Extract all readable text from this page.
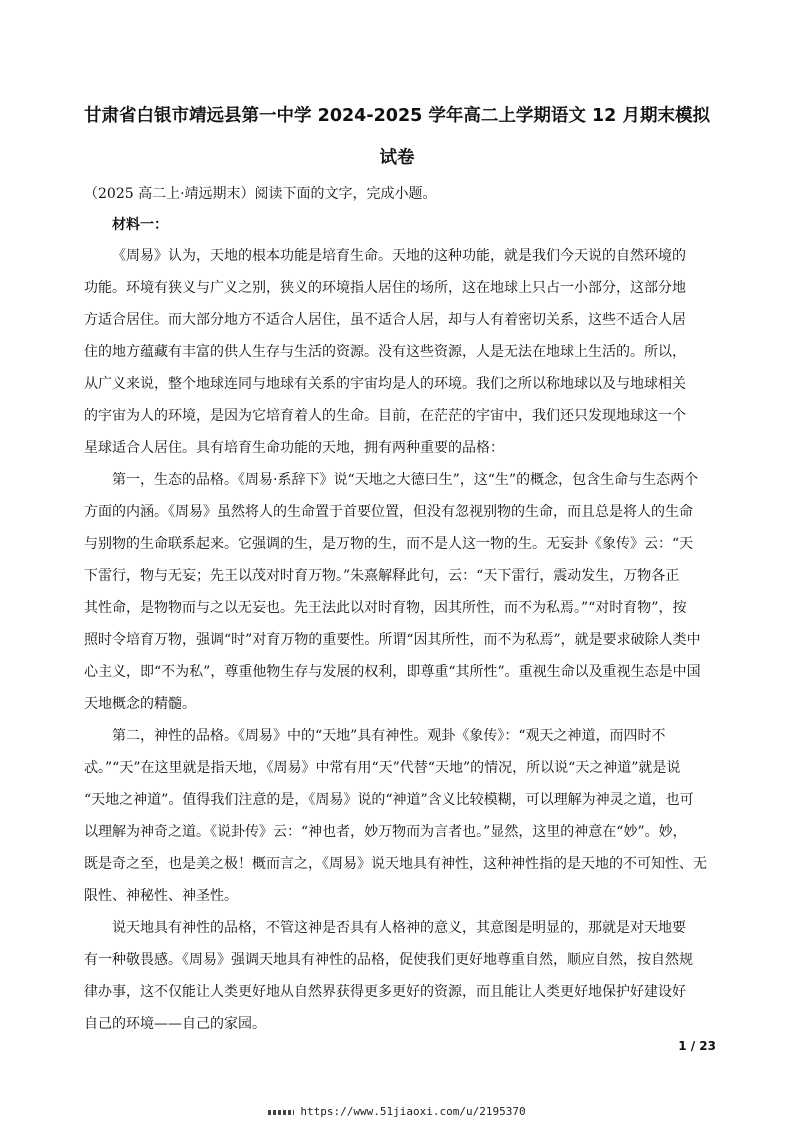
甘肃省白银市靖远县第一中学 2024-2025 学年高二上学期语文 12 月期末模拟
试卷
（2025 高二上·靖远期末）阅读下面的文字，完成小题。
材料一：
《周易》认为，天地的根本功能是培育生命。天地的这种功能，就是我们今天说的自然环境的
功能。环境有狭义与广义之别，狭义的环境指人居住的场所，这在地球上只占一小部分，这部分地
方适合居住。而大部分地方不适合人居住，虽不适合人居，却与人有着密切关系，这些不适合人居
住的地方蕴藏有丰富的供人生存与生活的资源。没有这些资源，人是无法在地球上生活的。所以，
从广义来说，整个地球连同与地球有关系的宇宙均是人的环境。我们之所以称地球以及与地球相关
的宇宙为人的环境，是因为它培育着人的生命。目前，在茫茫的宇宙中，我们还只发现地球这一个
星球适合人居住。具有培育生命功能的天地，拥有两种重要的品格：
第一，生态的品格。《周易·系辞下》说“天地之大德曰生”，这“生”的概念，包含生命与生态两个
方面的内涵。《周易》虽然将人的生命置于首要位置，但没有忽视别物的生命，而且总是将人的生命
与别物的生命联系起来。它强调的生，是万物的生，而不是人这一物的生。无妄卦《象传》云：“天
下雷行，物与无妄；先王以茂对时育万物。”朱熹解释此句，云：“天下雷行，震动发生，万物各正
其性命，是物物而与之以无妄也。先王法此以对时育物，因其所性，而不为私焉。”“对时育物”，按
照时令培育万物，强调“时”对育万物的重要性。所谓“因其所性，而不为私焉”，就是要求破除人类中
心主义，即“不为私”，尊重他物生存与发展的权利，即尊重“其所性”。重视生命以及重视生态是中国
天地概念的精髓。
第二，神性的品格。《周易》中的“天地”具有神性。观卦《象传》：“观天之神道，而四时不
忒。”“天”在这里就是指天地，《周易》中常有用“天”代替“天地”的情况，所以说“天之神道”就是说
“天地之神道”。值得我们注意的是，《周易》说的“神道”含义比较模糊，可以理解为神灵之道，也可
以理解为神奇之道。《说卦传》云：“神也者，妙万物而为言者也。”显然，这里的神意在“妙”。妙，
既是奇之至，也是美之极！概而言之，《周易》说天地具有神性，这种神性指的是天地的不可知性、无
限性、神秘性、神圣性。
说天地具有神性的品格，不管这神是否具有人格神的意义，其意图是明显的，那就是对天地要
有一种敬畏感。《周易》强调天地具有神性的品格，促使我们更好地尊重自然，顺应自然，按自然规
律办事，这不仅能让人类更好地从自然界获得更多更好的资源，而且能让人类更好地保护好建设好
自己的环境——自己的家园。
1 / 23
https://www.51jiaoxi.com/u/2195370
